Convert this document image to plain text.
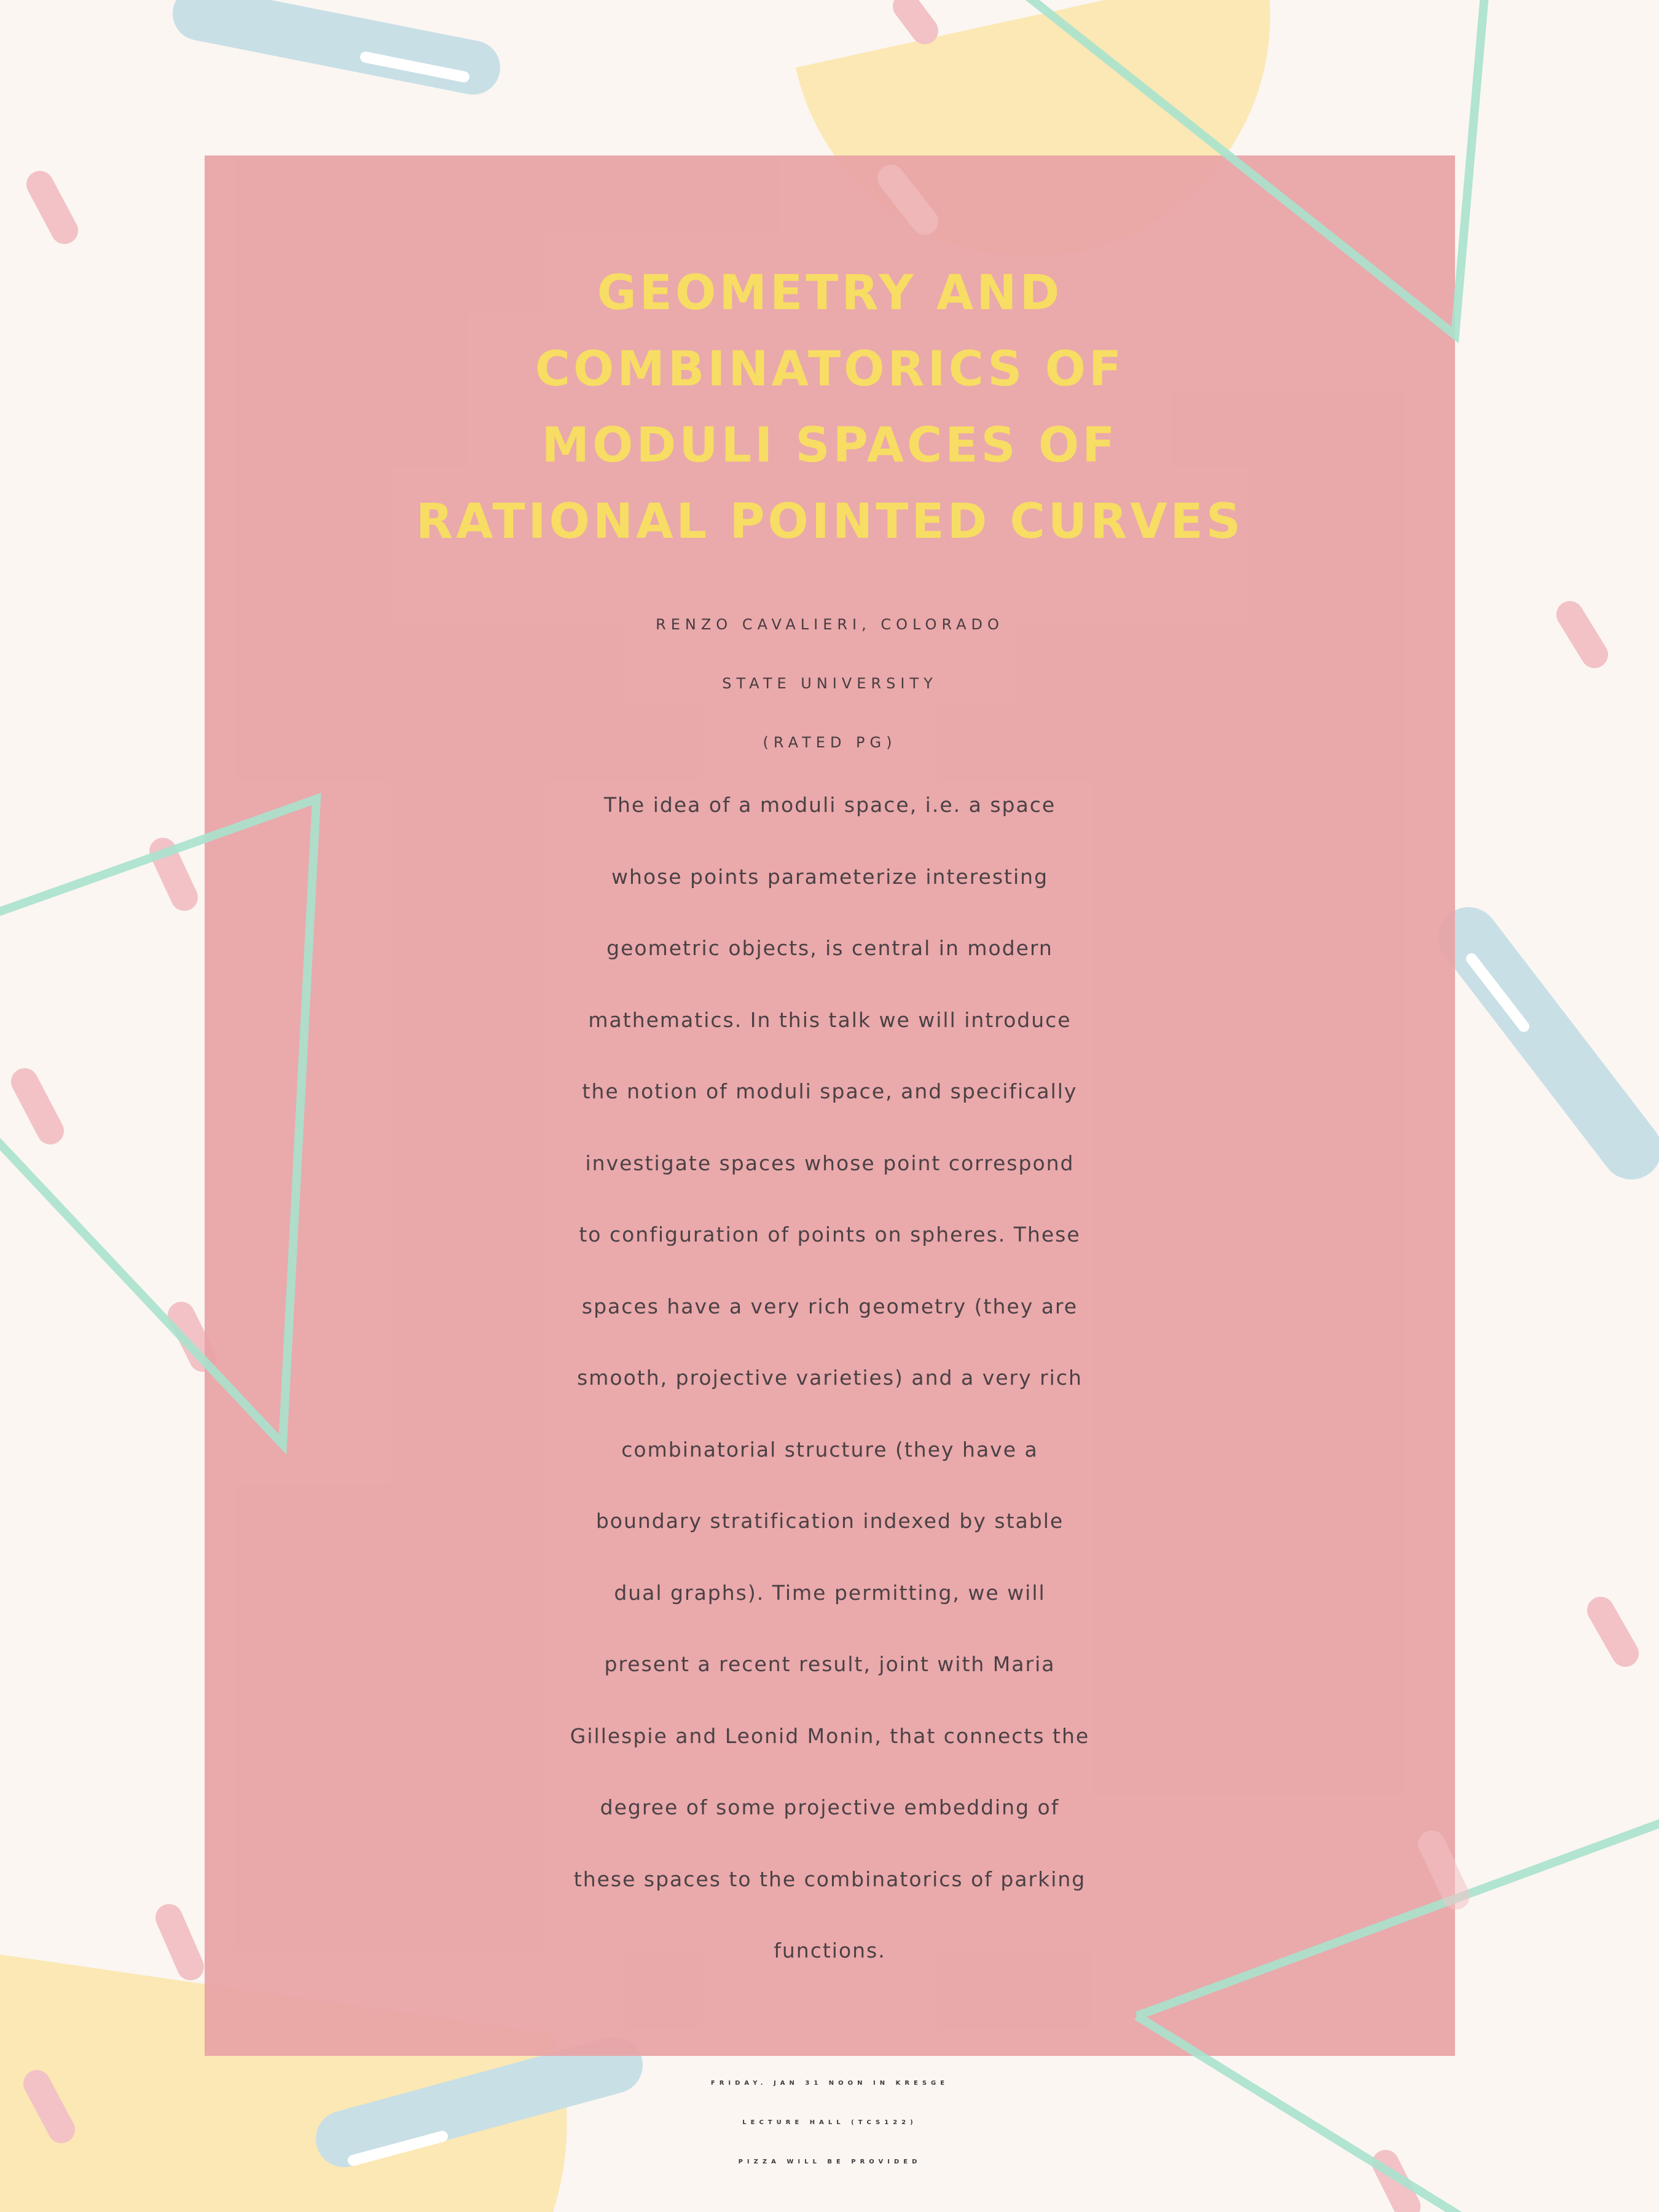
GEOMETRY AND
COMBINATORICS OF
MODULI SPACES OF
RATIONAL POINTED CURVES
RENZO CAVALIERI, COLORADO
STATE UNIVERSITY
(RATED PG)

The idea of a moduli space, i.e. a space
whose points parameterize interesting
geometric objects, is central in modern
mathematics. In this talk we will introduce
the notion of moduli space, and specifically
investigate spaces whose point correspond
to configuration of points on spheres. These
spaces have a very rich geometry (they are
smooth, projective varieties) and a very rich
combinatorial structure (they have a
boundary stratification indexed by stable
dual graphs). Time permitting, we will
present a recent result, joint with Maria
Gillespie and Leonid Monin, that connects the
degree of some projective embedding of
these spaces to the combinatorics of parking
functions.

FRIDAY. JAN 31 NOON IN KRESGE
LECTURE HALL (TCS122)
PIZZA WILL BE PROVIDED
